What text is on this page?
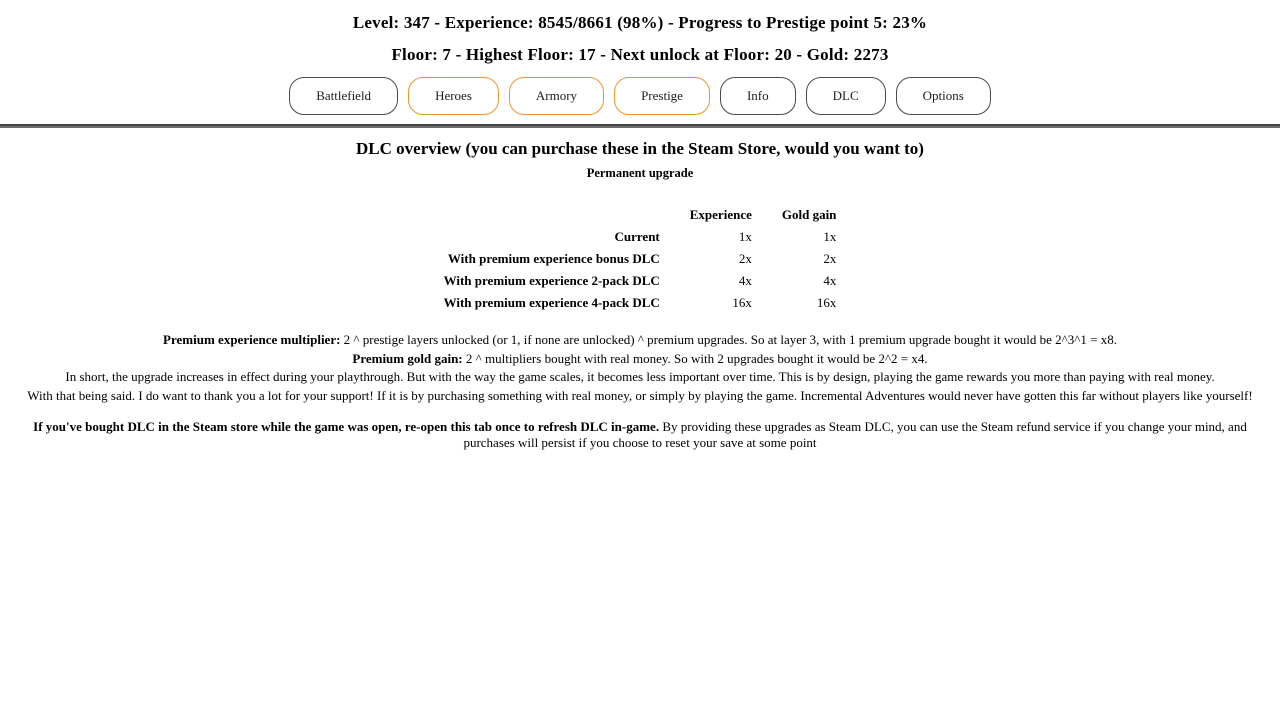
Level: 347 - Experience: 8545/8661 (98%) - Progress to Prestige point 5: 23%
Floor: 7 - Highest Floor: 17 - Next unlock at Floor: 20 - Gold: 2273
Battlefield	Heroes	Armory	Prestige	Info	DLC	Options
DLC overview (you can purchase these in the Steam Store, would you want to)
Permanent upgrade
	Experience	Gold gain
Current	1x	1x
With premium experience bonus DLC	2x	2x
With premium experience 2-pack DLC	4x	4x
With premium experience 4-pack DLC	16x	16x

Premium experience multiplier: 2 ^ prestige layers unlocked (or 1, if none are unlocked) ^ premium upgrades. So at layer 3, with 1 premium upgrade bought it would be 2^3^1 = x8.

Premium gold gain: 2 ^ multipliers bought with real money. So with 2 upgrades bought it would be 2^2 = x4.

In short, the upgrade increases in effect during your playthrough. But with the way the game scales, it becomes less important over time. This is by design, playing the game rewards you more than paying with real money.

With that being said. I do want to thank you a lot for your support! If it is by purchasing something with real money, or simply by playing the game. Incremental Adventures would never have gotten this far without players like yourself!

If you've bought DLC in the Steam store while the game was open, re-open this tab once to refresh DLC in-game. By providing these upgrades as Steam DLC, you can use the Steam refund service if you change your mind, and purchases will persist if you choose to reset your save at some point
